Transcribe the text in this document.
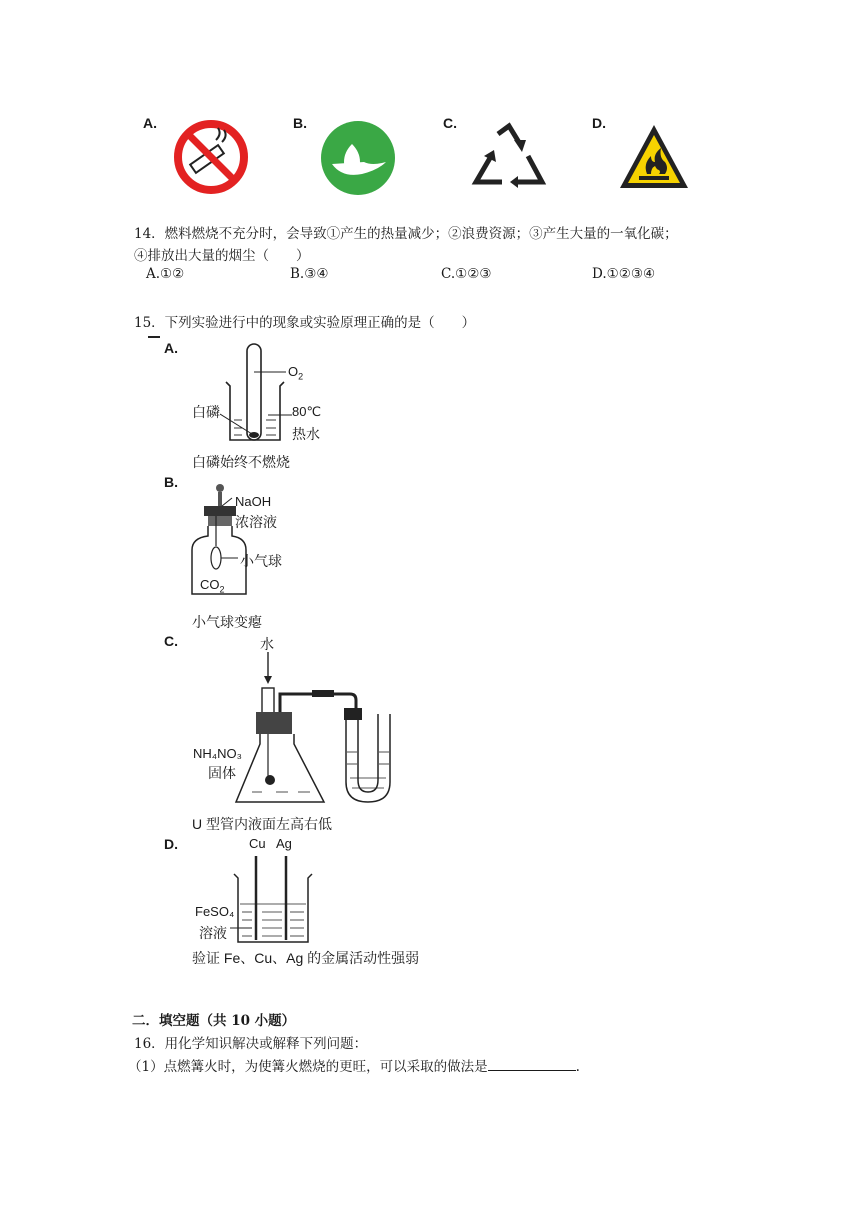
A.	B.	C.	D.
14．燃料燃烧不充分时，会导致①产生的热量减少；②浪费资源；③产生大量的一氧化碳；
④排放出大量的烟尘（　　）
A.①②	B.③④	C.①②③	D.①②③④
15．下列实验进行中的现象或实验原理正确的是（　　）
A.
$O_2$
白磷	80℃
热水
白磷始终不燃烧
B.
NaOH
浓溶液
小气球
$CO_2$
小气球变瘪
C.	水
NH₄NO₃
固体
U 型管内液面左高右低
D.	Cu Ag
FeSO₄
溶液
验证 Fe、Cu、Ag 的金属活动性强弱
二．填空题（共 10 小题）
16．用化学知识解决或解释下列问题：
（1）点燃篝火时，为使篝火燃烧的更旺，可以采取的做法是	.
